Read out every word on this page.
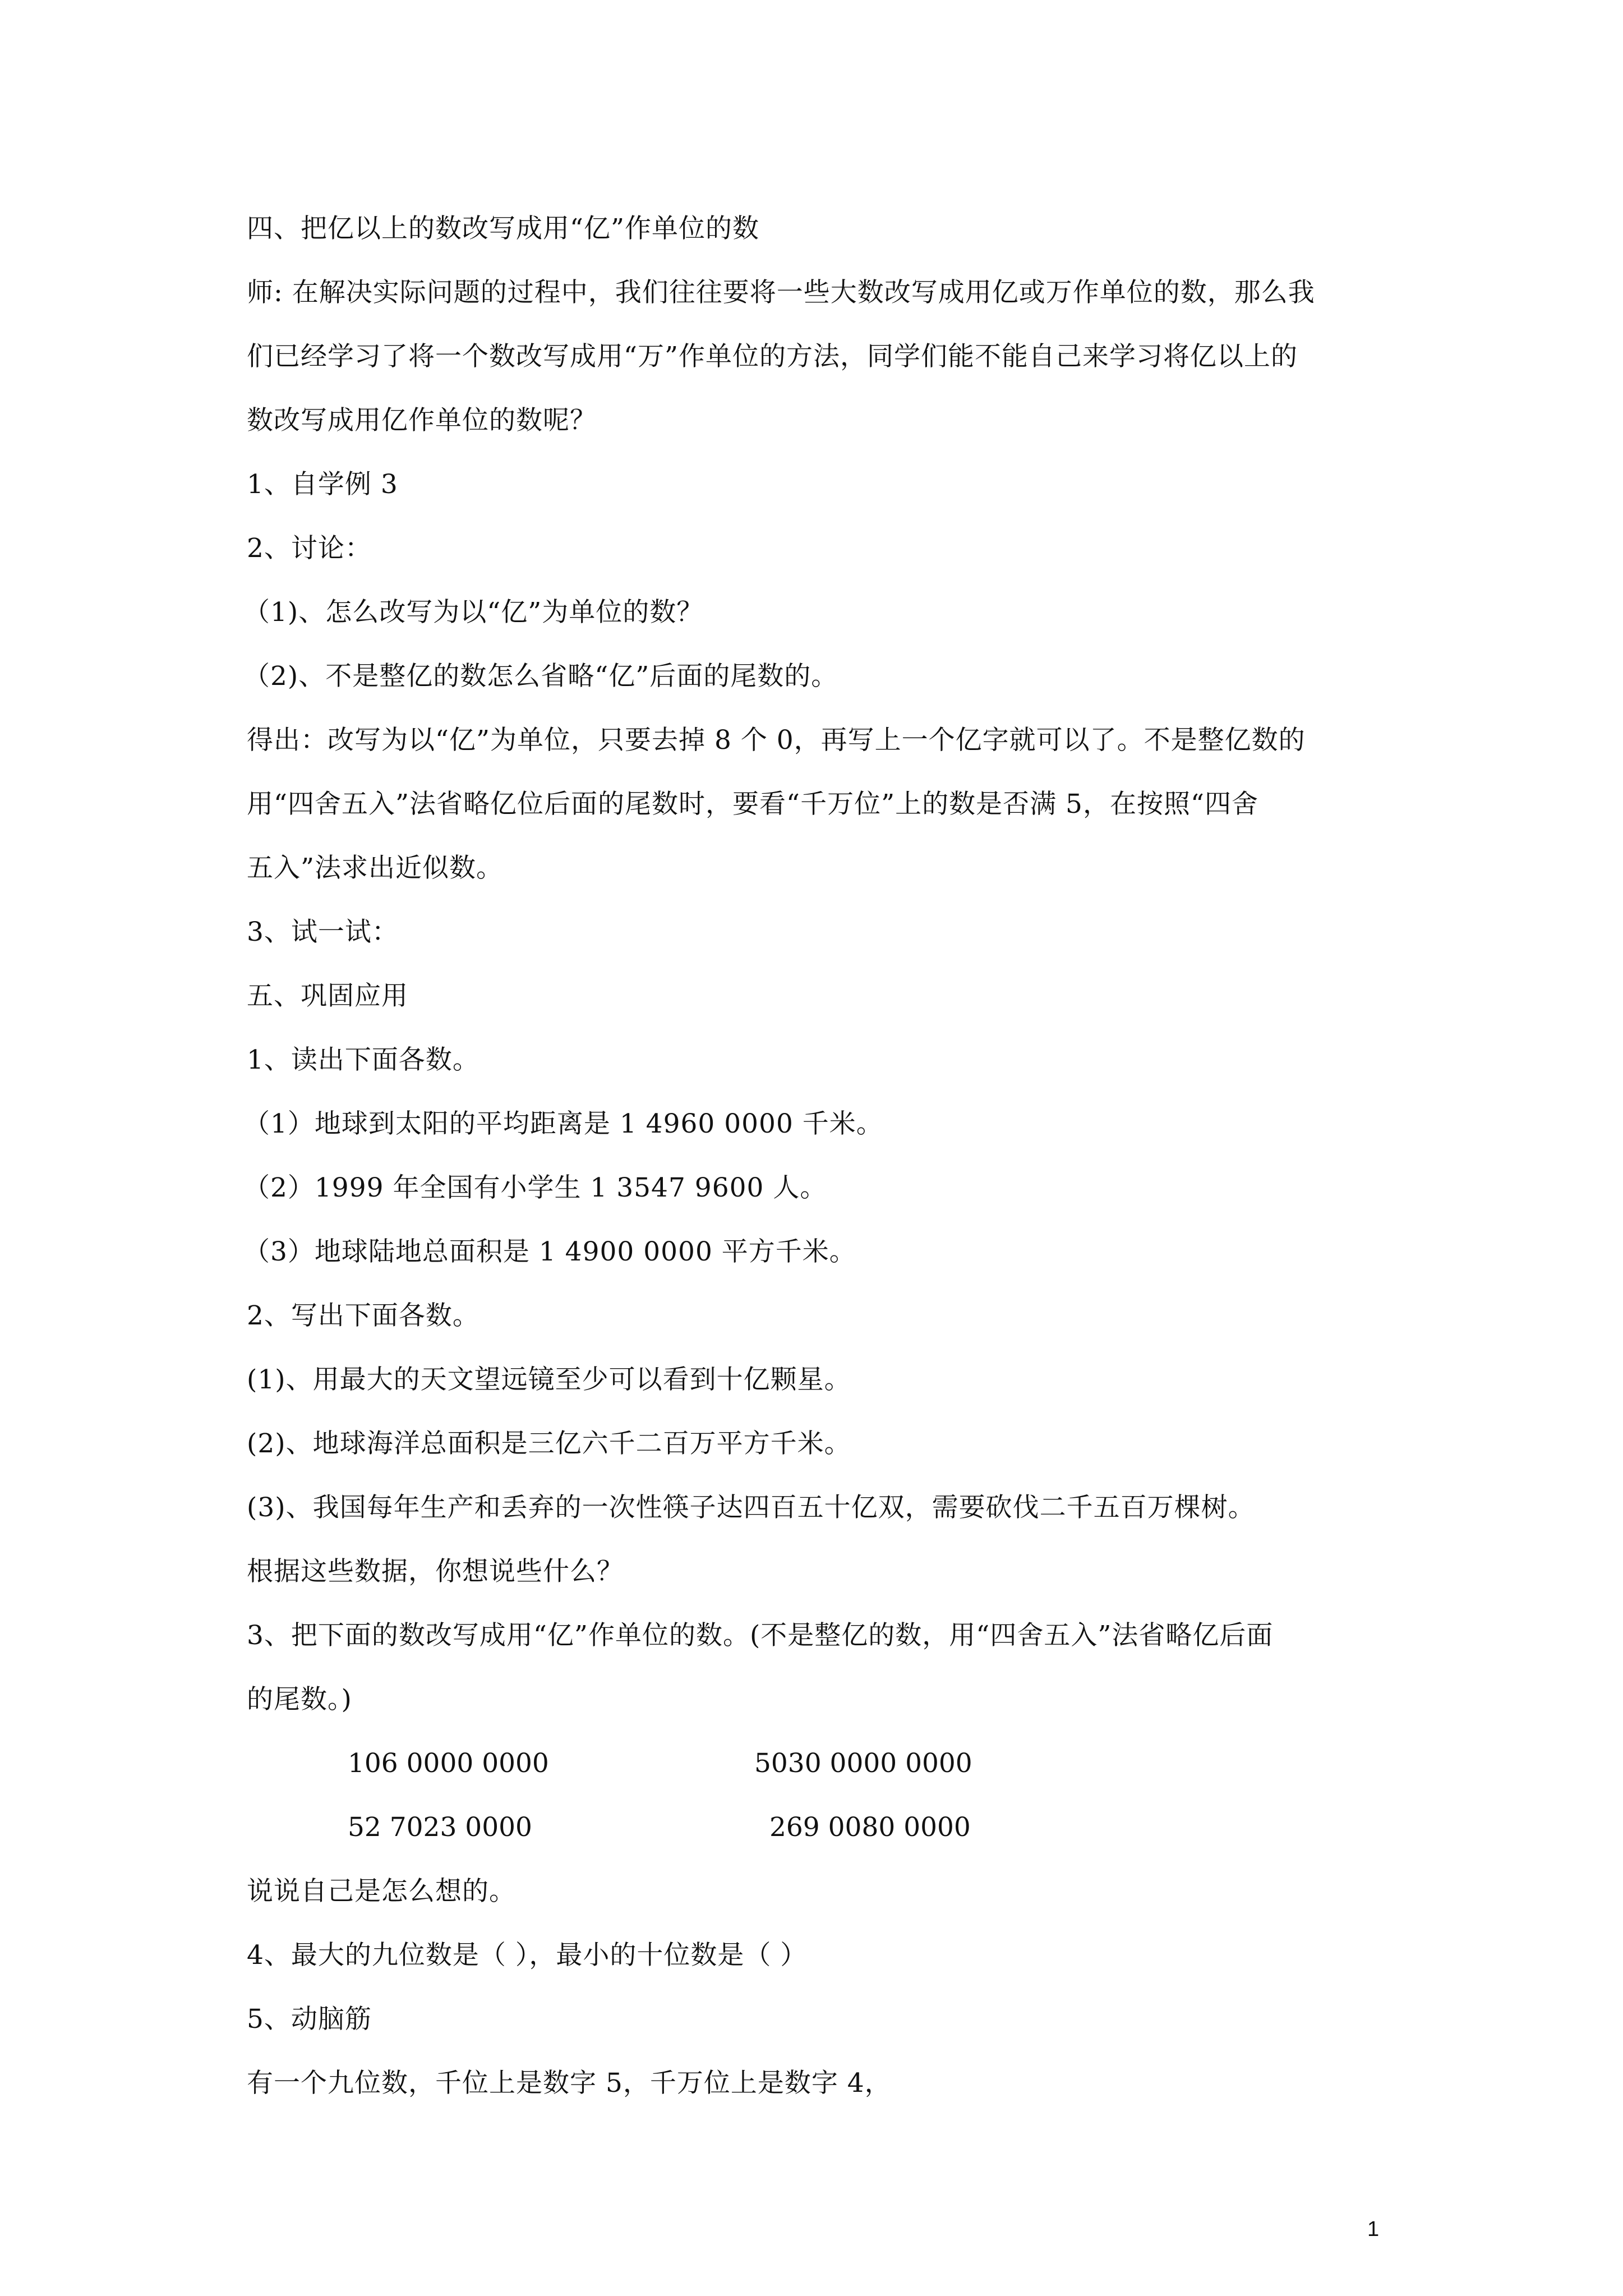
四、把亿以上的数改写成用“亿”作单位的数
师: 在解决实际问题的过程中，我们往往要将一些大数改写成用亿或万作单位的数，那么我
们已经学习了将一个数改写成用“万”作单位的方法，同学们能不能自己来学习将亿以上的
数改写成用亿作单位的数呢？
1、自学例 3
2、讨论：
（1)、怎么改写为以“亿”为单位的数？
（2)、不是整亿的数怎么省略“亿”后面的尾数的。
得出：改写为以“亿”为单位，只要去掉 8 个 0，再写上一个亿字就可以了。不是整亿数的
用“四舍五入”法省略亿位后面的尾数时，要看“千万位”上的数是否满 5，在按照“四舍
五入”法求出近似数。
3、试一试：
五、巩固应用
1、读出下面各数。
（1）地球到太阳的平均距离是 1 4960 0000 千米。
（2）1999 年全国有小学生 1 3547 9600 人。
（3）地球陆地总面积是 1 4900 0000 平方千米。
2、写出下面各数。
(1)、用最大的天文望远镜至少可以看到十亿颗星。
(2)、地球海洋总面积是三亿六千二百万平方千米。
(3)、我国每年生产和丢弃的一次性筷子达四百五十亿双，需要砍伐二千五百万棵树。
根据这些数据，你想说些什么？
3、把下面的数改写成用“亿”作单位的数。(不是整亿的数，用“四舍五入”法省略亿后面
的尾数。)
106 0000 0000	5030 0000 0000
52 7023 0000	269 0080 0000
说说自己是怎么想的。
4、最大的九位数是（ ），最小的十位数是（ ）
5、动脑筋
有一个九位数，千位上是数字 5，千万位上是数字 4，
1
